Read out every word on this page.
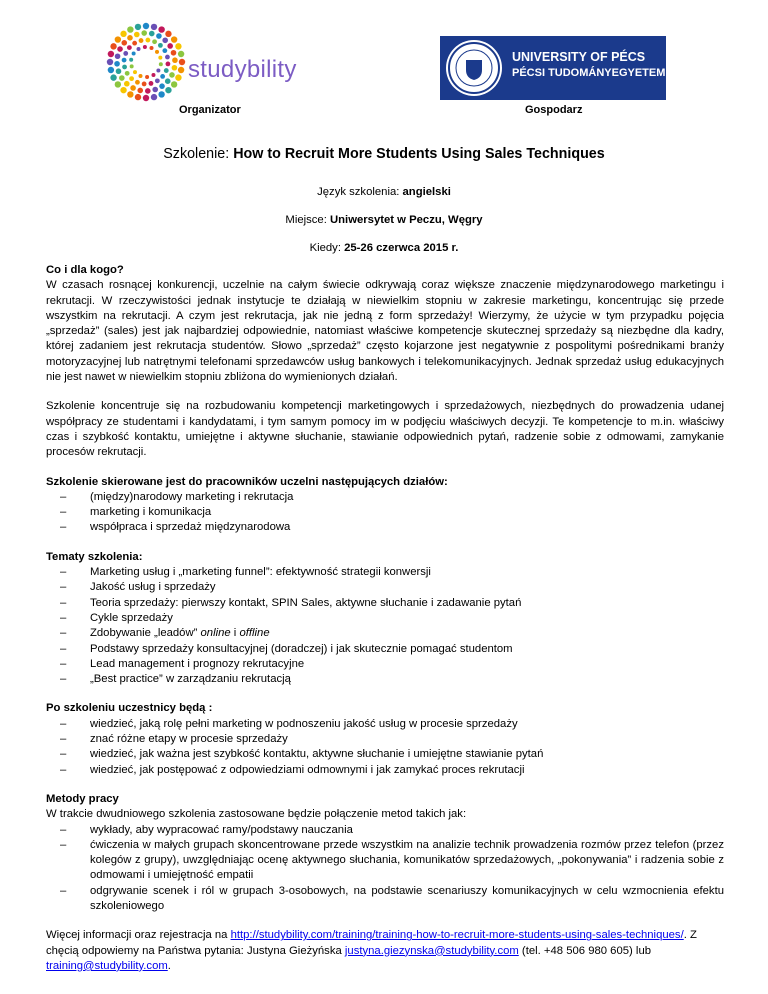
studybility
Organizator
UNIVERSITY OF PÉCS
PÉCSI TUDOMÁNYEGYETEM
Gospodarz
Szkolenie: How to Recruit More Students Using Sales Techniques
Język szkolenia: angielski
Miejsce: Uniwersytet w Peczu, Węgry
Kiedy: 25-26 czerwca 2015 r.

Co i dla kogo?

W czasach rosnącej konkurencji, uczelnie na całym świecie odkrywają coraz większe znaczenie międzynarodowego marketingu i rekrutacji. W rzeczywistości jednak instytucje te działają w niewielkim stopniu w zakresie marketingu, koncentrując się przede wszystkim na rekrutacji. A czym jest rekrutacja, jak nie jedną z form sprzedaży! Wierzymy, że użycie w tym przypadku pojęcia „sprzedaż” (sales) jest jak najbardziej odpowiednie, natomiast właściwe kompetencje skutecznej sprzedaży są niezbędne dla kadry, której zadaniem jest rekrutacja studentów. Słowo „sprzedaż” często kojarzone jest negatywnie z pospolitymi pośrednikami branży motoryzacyjnej lub natrętnymi telefonami sprzedawców usług bankowych i telekomunikacyjnych. Jednak sprzedaż usług edukacyjnych nie jest nawet w niewielkim stopniu zbliżona do wymienionych działań.

Szkolenie koncentruje się na rozbudowaniu kompetencji marketingowych i sprzedażowych, niezbędnych do prowadzenia udanej współpracy ze studentami i kandydatami, i tym samym pomocy im w podjęciu właściwych decyzji. Te kompetencje to m.in. właściwy czas i szybkość kontaktu, umiejętne i aktywne słuchanie, stawianie odpowiednich pytań, radzenie sobie z odmowami, zamykanie procesów rekrutacji.

Szkolenie skierowane jest do pracowników uczelni następujących działów:

– (między)narodowy marketing i rekrutacja
– marketing i komunikacja
– współpraca i sprzedaż międzynarodowa

Tematy szkolenia:

– Marketing usług i „marketing funnel”: efektywność strategii konwersji
– Jakość usług i sprzedaży
– Teoria sprzedaży: pierwszy kontakt, SPIN Sales, aktywne słuchanie i zadawanie pytań
– Cykle sprzedaży
– Zdobywanie „leadów” online i offline
– Podstawy sprzedaży konsultacyjnej (doradczej) i jak skutecznie pomagać studentom
– Lead management i prognozy rekrutacyjne
– „Best practice” w zarządzaniu rekrutacją

Po szkoleniu uczestnicy będą :

– wiedzieć, jaką rolę pełni marketing w podnoszeniu jakość usług w procesie sprzedaży
– znać różne etapy w procesie sprzedaży
– wiedzieć, jak ważna jest szybkość kontaktu, aktywne słuchanie i umiejętne stawianie pytań
– wiedzieć, jak postępować z odpowiedziami odmownymi i jak zamykać proces rekrutacji

Metody pracy

W trakcie dwudniowego szkolenia zastosowane będzie połączenie metod takich jak:

– wykłady, aby wypracować ramy/podstawy nauczania
– ćwiczenia w małych grupach skoncentrowane przede wszystkim na analizie technik prowadzenia rozmów przez telefon (przez kolegów z grupy), uwzględniając ocenę aktywnego słuchania, komunikatów sprzedażowych, „pokonywania” i radzenia sobie z odmowami i umiejętność empatii
– odgrywanie scenek i ról w grupach 3-osobowych, na podstawie scenariuszy komunikacyjnych w celu wzmocnienia efektu szkoleniowego

Więcej informacji oraz rejestracja na http://studybility.com/training/training-how-to-recruit-more-students-using-sales-techniques/. Z chęcią odpowiemy na Państwa pytania: Justyna Gieżyńska justyna.giezynska@studybility.com (tel. +48 506 980 605) lub training@studybility.com.
